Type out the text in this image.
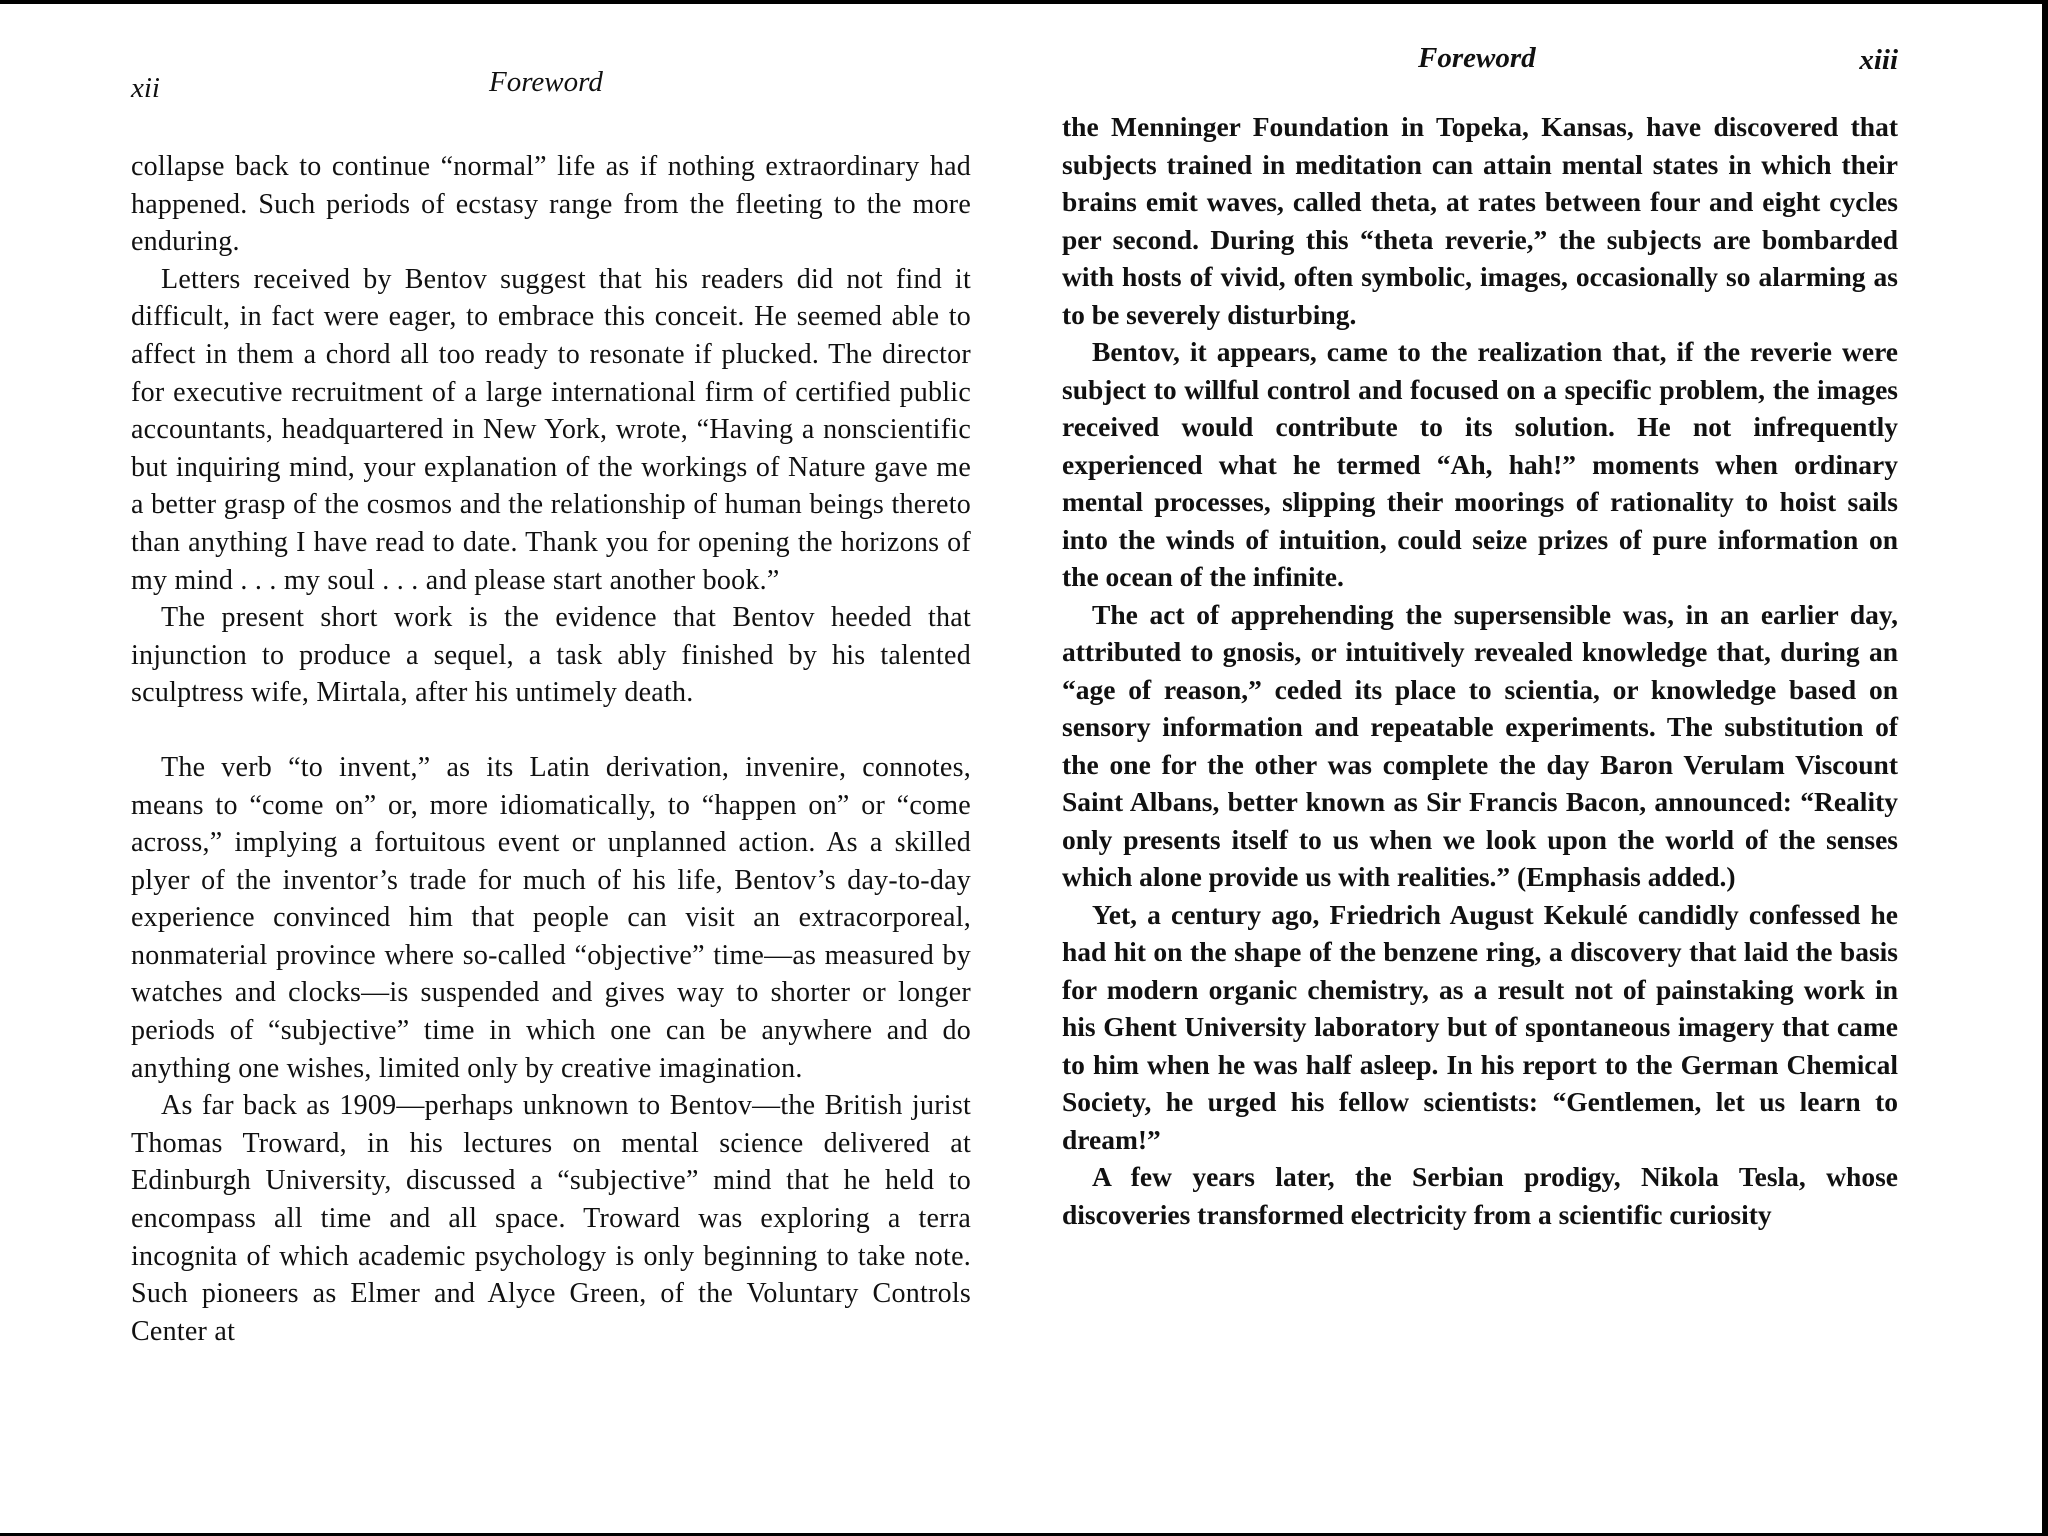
xii	Foreword

collapse back to continue “normal” life as if nothing extraordinary had happened. Such periods of ecstasy range from the fleeting to the more enduring.

Letters received by Bentov suggest that his readers did not find it difficult, in fact were eager, to embrace this conceit. He seemed able to affect in them a chord all too ready to resonate if plucked. The director for executive recruitment of a large international firm of certified public accountants, headquartered in New York, wrote, “Having a nonscientific but inquiring mind, your explanation of the workings of Nature gave me a better grasp of the cosmos and the relationship of human beings thereto than anything I have read to date. Thank you for opening the horizons of my mind . . . my soul . . . and please start another book.”

The present short work is the evidence that Bentov heeded that injunction to produce a sequel, a task ably finished by his talented sculptress wife, Mirtala, after his untimely death.

The verb “to invent,” as its Latin derivation, invenire, connotes, means to “come on” or, more idiomatically, to “happen on” or “come across,” implying a fortuitous event or unplanned action. As a skilled plyer of the inventor’s trade for much of his life, Bentov’s day-to-day experience convinced him that people can visit an extracorporeal, nonmaterial province where so-called “objective” time—as measured by watches and clocks—is suspended and gives way to shorter or longer periods of “subjective” time in which one can be anywhere and do anything one wishes, limited only by creative imagination.

As far back as 1909—perhaps unknown to Bentov—the British jurist Thomas Troward, in his lectures on mental science delivered at Edinburgh University, discussed a “subjective” mind that he held to encompass all time and all space. Troward was exploring a terra incognita of which academic psychology is only beginning to take note. Such pioneers as Elmer and Alyce Green, of the Voluntary Controls Center at

Foreword	xiii

the Menninger Foundation in Topeka, Kansas, have discovered that subjects trained in meditation can attain mental states in which their brains emit waves, called theta, at rates between four and eight cycles per second. During this “theta reverie,” the subjects are bombarded with hosts of vivid, often symbolic, images, occasionally so alarming as to be severely disturbing.

Bentov, it appears, came to the realization that, if the reverie were subject to willful control and focused on a specific problem, the images received would contribute to its solution. He not infrequently experienced what he termed “Ah, hah!” moments when ordinary mental processes, slipping their moorings of rationality to hoist sails into the winds of intuition, could seize prizes of pure information on the ocean of the infinite.

The act of apprehending the supersensible was, in an earlier day, attributed to gnosis, or intuitively revealed knowledge that, during an “age of reason,” ceded its place to scientia, or knowledge based on sensory information and repeatable experiments. The substitution of the one for the other was complete the day Baron Verulam Viscount Saint Albans, better known as Sir Francis Bacon, announced: “Reality only presents itself to us when we look upon the world of the senses which alone provide us with realities.” (Emphasis added.)

Yet, a century ago, Friedrich August Kekulé candidly confessed he had hit on the shape of the benzene ring, a discovery that laid the basis for modern organic chemistry, as a result not of painstaking work in his Ghent University laboratory but of spontaneous imagery that came to him when he was half asleep. In his report to the German Chemical Society, he urged his fellow scientists: “Gentlemen, let us learn to dream!”

A few years later, the Serbian prodigy, Nikola Tesla, whose discoveries transformed electricity from a scientific curiosity
